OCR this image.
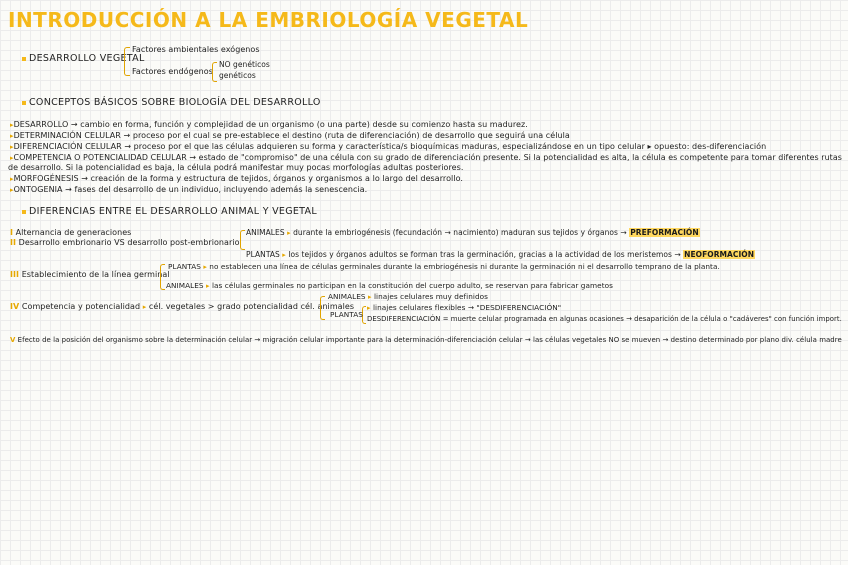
INTRODUCCIÓN A LA EMBRIOLOGÍA VEGETAL
DESARROLLO VEGETAL
Factores ambientales exógenos
Factores endógenos
NO genéticos
genéticos
CONCEPTOS BÁSICOS SOBRE BIOLOGÍA DEL DESARROLLO
▸DESARROLLO → cambio en forma, función y complejidad de un organismo (o una parte) desde su comienzo hasta su madurez.
▸DETERMINACIÓN CELULAR → proceso por el cual se pre-establece el destino (ruta de diferenciación) de desarrollo que seguirá una célula
▸DIFERENCIACIÓN CELULAR → proceso por el que las células adquieren su forma y característica/s bioquímicas maduras, especializándose en un tipo celular ▸ opuesto: des-diferenciación
▸COMPETENCIA O POTENCIALIDAD CELULAR → estado de "compromiso" de una célula con su grado de diferenciación presente. Si la potencialidad es alta, la célula es competente para tomar diferentes rutas
de desarrollo. Si la potencialidad es baja, la célula podrá manifestar muy pocas morfologías adultas posteriores.
▸MORFOGÉNESIS → creación de la forma y estructura de tejidos, órganos y organismos a lo largo del desarrollo.
▸ONTOGENIA → fases del desarrollo de un individuo, incluyendo además la senescencia.
DIFERENCIAS ENTRE EL DESARROLLO ANIMAL Y VEGETAL
I Alternancia de generaciones
II Desarrollo embrionario VS desarrollo post-embrionario
ANIMALES ▸ durante la embriogénesis (fecundación → nacimiento) maduran sus tejidos y órganos → PREFORMACIÓN
PLANTAS ▸ los tejidos y órganos adultos se forman tras la germinación, gracias a la actividad de los meristemos → NEOFORMACIÓN
III Establecimiento de la línea germinal
PLANTAS ▸ no establecen una línea de células germinales durante la embriogénesis ni durante la germinación ni el desarrollo temprano de la planta.
ANIMALES ▸ las células germinales no participan en la constitución del cuerpo adulto, se reservan para fabricar gametos
IV Competencia y potencialidad ▸ cél. vegetales > grado potencialidad cél. animales
ANIMALES ▸ linajes celulares muy definidos
PLANTAS
▸ linajes celulares flexibles → "DESDIFERENCIACIÓN"
DESDIFERENCIACIÓN = muerte celular programada en algunas ocasiones → desaparición de la célula o "cadáveres" con función import.
V Efecto de la posición del organismo sobre la determinación celular → migración celular importante para la determinación-diferenciación celular → las células vegetales NO se mueven → destino determinado por plano div. célula madre
